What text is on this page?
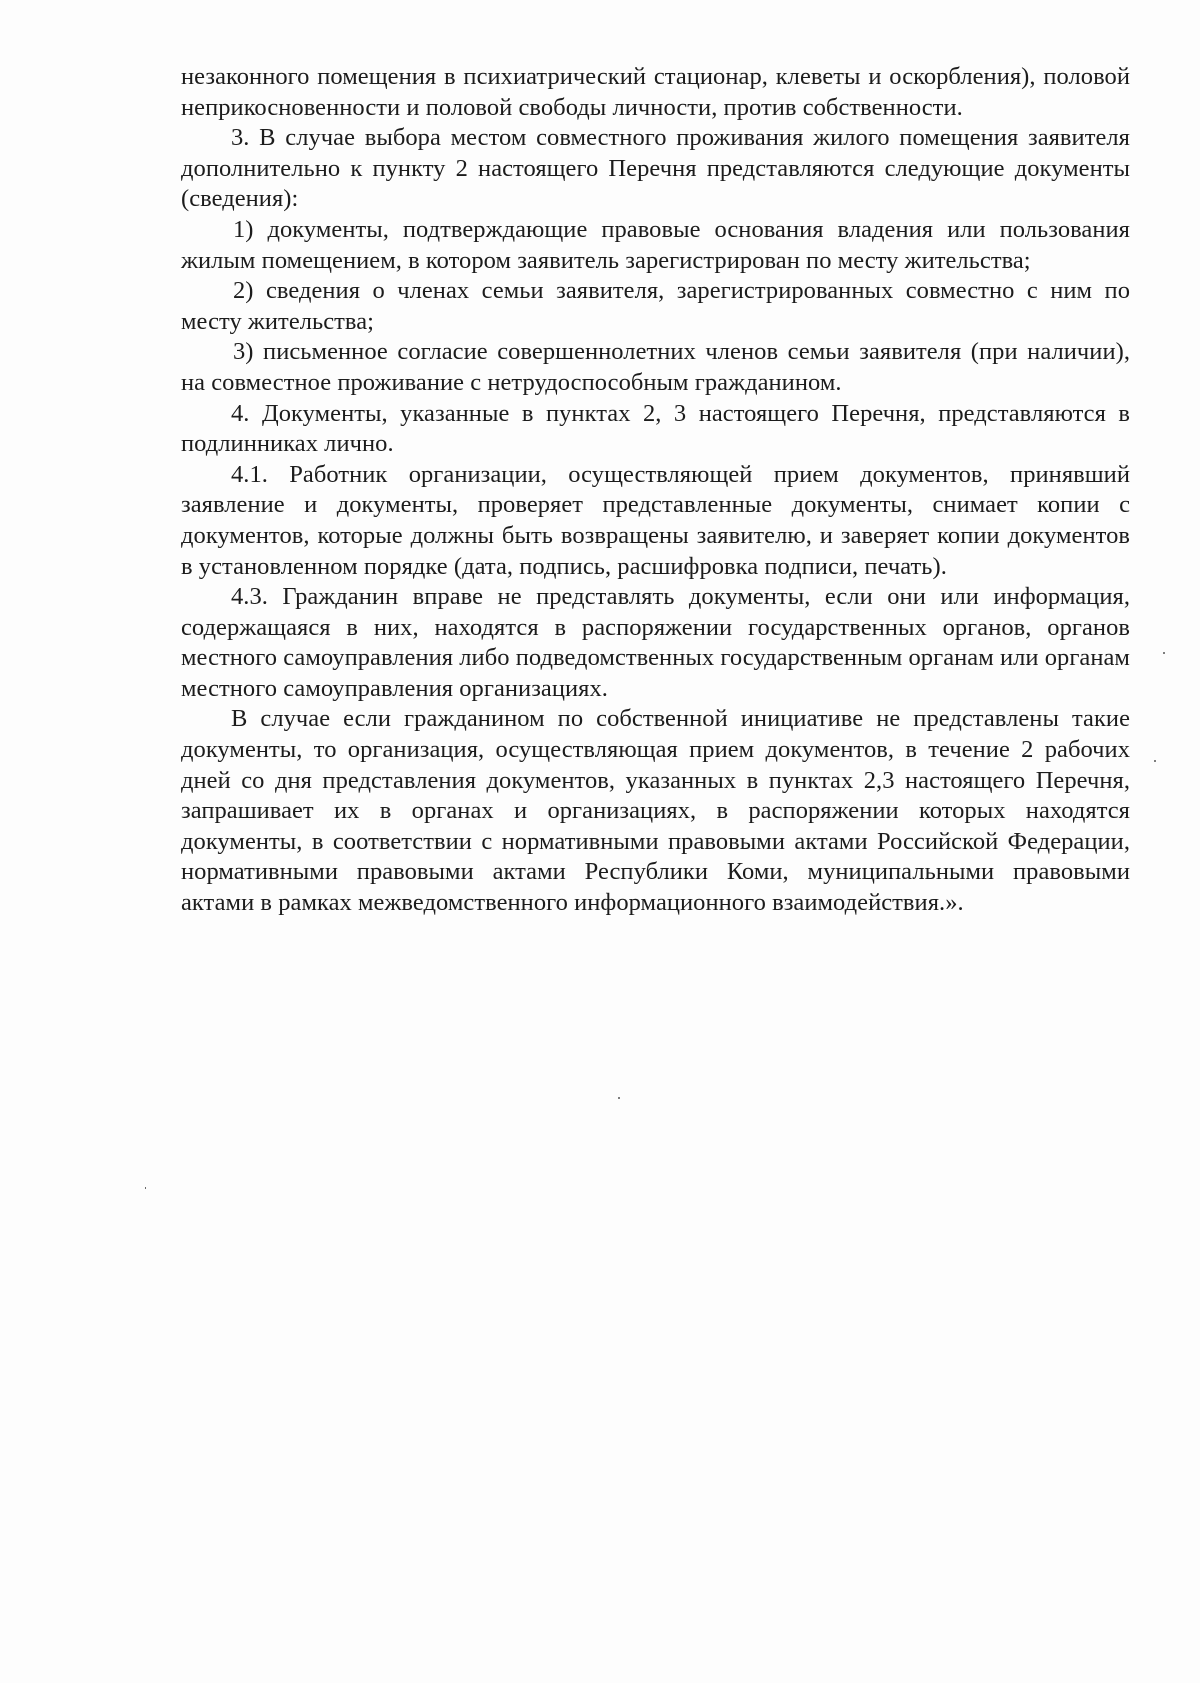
незаконного помещения в психиатрический стационар, клеветы и оскорбления), половой неприкосновенности и половой свободы личности, против собственности.

3. В случае выбора местом совместного проживания жилого помещения заявителя дополнительно к пункту 2 настоящего Перечня представляются следующие документы (сведения):

1) документы, подтверждающие правовые основания владения или пользования жилым помещением, в котором заявитель зарегистрирован по месту жительства;

2) сведения о членах семьи заявителя, зарегистрированных совместно с ним по месту жительства;

3) письменное согласие совершеннолетних членов семьи заявителя (при наличии), на совместное проживание с нетрудоспособным гражданином.

4. Документы, указанные в пунктах 2, 3 настоящего Перечня, представляются в подлинниках лично.

4.1. Работник организации, осуществляющей прием документов, принявший заявление и документы, проверяет представленные документы, снимает копии с документов, которые должны быть возвращены заявителю, и заверяет копии документов в установленном порядке (дата, подпись, расшифровка подписи, печать).

4.3. Гражданин вправе не представлять документы, если они или информация, содержащаяся в них, находятся в распоряжении государственных органов, органов местного самоуправления либо подведомственных государственным органам или органам местного самоуправления организациях.

В случае если гражданином по собственной инициативе не представлены такие документы, то организация, осуществляющая прием документов, в течение 2 рабочих дней со дня представления документов, указанных в пунктах 2,3 настоящего Перечня, запрашивает их в органах и организациях, в распоряжении которых находятся документы, в соответствии с нормативными правовыми актами Российской Федерации, нормативными правовыми актами Республики Коми, муниципальными правовыми актами в рамках межведомственного информационного взаимодействия.».
